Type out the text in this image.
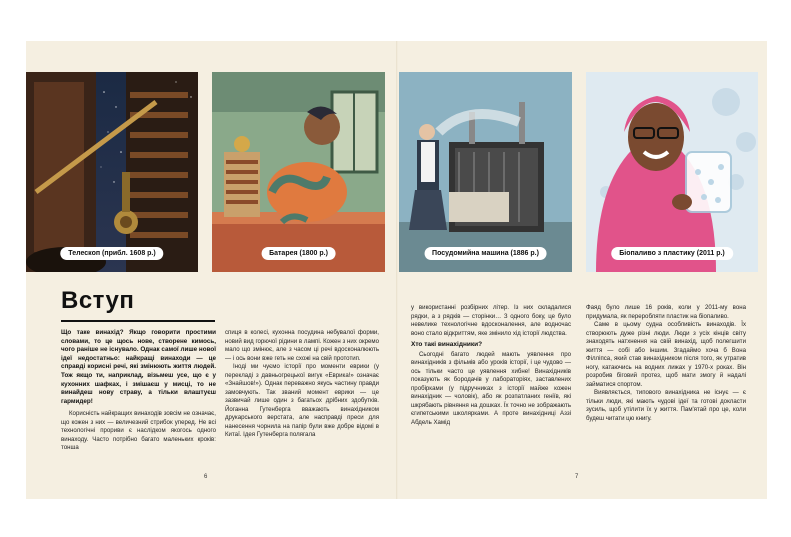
Телескоп (прибл. 1608 р.)	Батарея (1800 р.)	Посудомийна машина (1886 р.)	Біопаливо з пластику (2011 р.)
Вступ

Що таке винахід? Якщо говорити простими словами, то це щось нове, створене кимось, чого раніше не існувало. Однак самої лише нової ідеї недостатньо: найкращі винаходи — це справді корисні речі, які змінюють життя людей. Тож якщо ти, наприклад, візьмеш усе, що є у кухонних шафках, і змішаєш у мисці, то не винайдеш нову страву, а тільки влаштуєш гармидер!

Корисність найкращих винаходів зовсім не означає, що кожен з них — величезний стрибок уперед. Не всі технологічні прориви є наслідком якогось одного винаходу. Часто потрібно багато маленьких кроків: тонша

спиця в колесі, кухонна посудина небувалої форми, новий вид горючої рідини в лампі. Кожен з них окремо мало що змінює, але з часом ці речі вдосконалюють — і ось вони вже геть не схожі на свій прототип.

Іноді ми чуємо історії про моменти еврики (у перекладі з давньогрецької вигук «Еврика!» означає «Знайшов!»). Однак переважно якусь частину правди замовчують. Так званий момент еврики — це зазвичай лише один з багатьох дрібних здобутків. Йоганна Гутенберга вважають винахідником друкарського верстата, але насправді преси для нанесення чорнила на папір були вже добре відомі в Китаї. Ідея Гутенберга полягала

у використанні розбірних літер. Із них складалися рядки, а з рядків — сторінки… З одного боку, це було невелике технологічне вдосконалення, але водночас воно стало відкриттям, яке змінило хід історії людства.

Хто такі винахідники?

Сьогодні багато людей мають уявлення про винахідників з фільмів або уроків історії, і це чудово — ось тільки часто це уявлення хибне! Винахідників показують як бородачів у лабораторіях, заставлених пробірками (у підручниках з історії майже кожен винахідник — чоловік), або як розпатланих геніїв, які шкрябають рівняння на дошках. Їх точно не зображають єгипетськими школярками. А проте винахідниці Аззі Абдель Хамід

Фаяд було лише 16 років, коли у 2011-му вона придумала, як переробляти пластик на біопаливо.

Саме в цьому судна особливість винаходів. Їх створюють дуже різні люди. Люди з усіх кінців світу знаходять натхнення на свій винахід, щоб полегшити життя — собі або іншим. Згадаймо хоча б Вона Філліпса, який став винахідником після того, як утратив ногу, катаючись на водних лижах у 1970-х роках. Він розробив біговий протез, щоб мати змогу й надалі займатися спортом.

Виявляється, типового винахідника не існує — є тільки люди, які мають чудові ідеї та готові докласти зусиль, щоб утілити їх у життя. Пам'ятай про це, коли будеш читати цю книгу.

6	7
